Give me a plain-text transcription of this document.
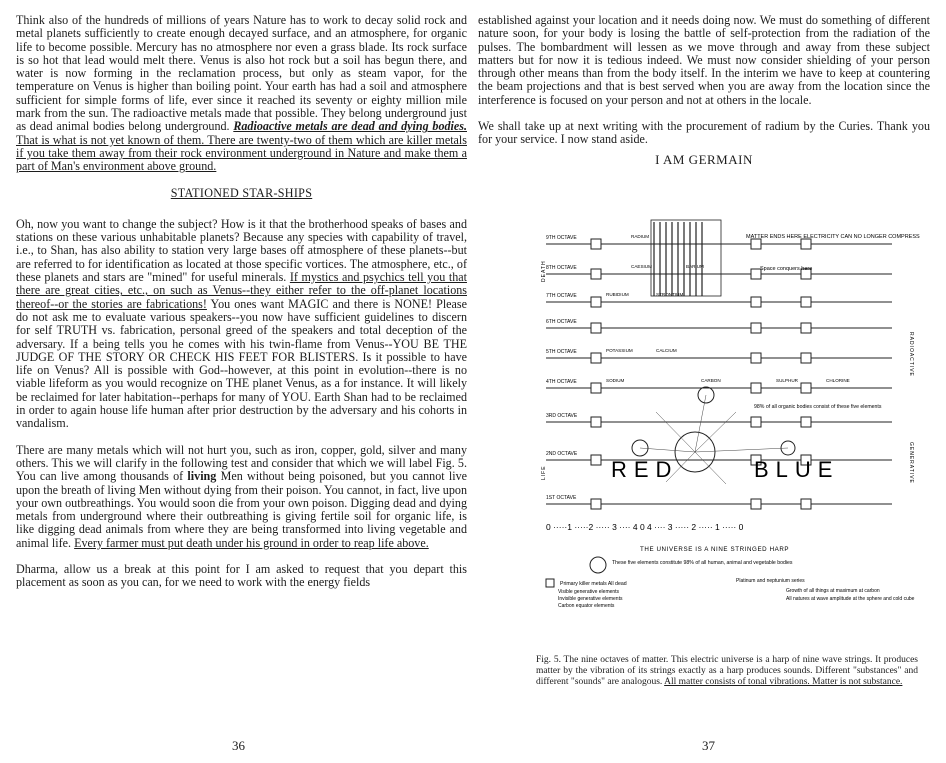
Think also of the hundreds of millions of years Nature has to work to decay solid rock and metal planets sufficiently to create enough decayed surface, and an atmosphere, for organic life to become possible. Mercury has no atmosphere nor even a grass blade. Its rock surface is so hot that lead would melt there. Venus is also hot rock but a soil has begun there, and water is now forming in the reclamation process, but only as steam vapor, for the temperature on Venus is higher than boiling point. Your earth has had a soil and atmosphere sufficient for simple forms of life, ever since it reached its seventy or eighty million mile mark from the sun. The radioactive metals made that possible. They belong underground just as dead animal bodies belong underground. Radioactive metals are dead and dying bodies. That is what is not yet known of them. There are twenty-two of them which are killer metals if you take them away from their rock environment underground in Nature and make them a part of Man's environment above ground.

STATIONED STAR-SHIPS

Oh, now you want to change the subject? How is it that the brotherhood speaks of bases and stations on these various unhabitable planets? Because any species with capability of travel, i.e., to Shan, has also ability to station very large bases off atmosphere of these planets--but are referred to for identification as located at those specific vortices. The atmosphere, etc., of these planets and stars are "mined" for useful minerals. If mystics and psychics tell you that there are great cities, etc., on such as Venus--they either refer to the off-planet locations thereof--or the stories are fabrications! You ones want MAGIC and there is NONE! Please do not ask me to evaluate various speakers--you now have sufficient guidelines to discern for self TRUTH vs. fabrication, personal greed of the speakers and total deception of the adversary. If a being tells you he comes with his twin-flame from Venus--YOU BE THE JUDGE OF THE STORY OR CHECK HIS FEET FOR BLISTERS. Is it possible to have life on Venus? All is possible with God--however, at this point in evolution--there is no viable lifeform as you would recognize on THE planet Venus, as a for instance. It will likely be reclaimed for later habitation--perhaps for many of YOU. Earth Shan had to be reclaimed in order to again house life human after prior destruction by the adversary and his cohorts in vandalism.

There are many metals which will not hurt you, such as iron, copper, gold, silver and many others. This we will clarify in the following test and consider that which we will label Fig. 5. You can live among thousands of living Men without being poisoned, but you cannot live upon the breath of living Men without dying from their poison. You cannot, in fact, live upon your own outbreathings. You would soon die from your own poison. Digging dead and dying metals from underground where their outbreathing is giving fertile soil for organic life, is like digging dead animals from where they are being transformed into living vegetable and animal life. Every farmer must put death under his ground in order to reap life above.

Dharma, allow us a break at this point for I am asked to request that you depart this placement as soon as you can, for we need to work with the energy fields

36

established against your location and it needs doing now. We must do something of different nature soon, for your body is losing the battle of self-protection from the radiation of the pulses. The bombardment will lessen as we move through and away from these subject matters but for now it is tedious indeed. We must now consider shielding of your person through other means than from the body itself. In the interim we have to keep at countering the beam projections and that is best served when you are away from the location since the interference is focused on your person and not at others in the locale.

We shall take up at next writing with the procurement of radium by the Curies. Thank you for your service. I now stand aside.

I AM GERMAIN
9TH OCTAVE
8TH OCTAVE
7TH OCTAVE
6TH OCTAVE
5TH OCTAVE
4TH OCTAVE
3RD OCTAVE
2ND OCTAVE
1ST OCTAVE
RADIUM
CAESIUM	BARIUM
RUBIDIUM	STRONTIUM
POTASSIUM	CALCIUM
SODIUM	CARBON	SULPHUR	CHLORINE
MATTER ENDS HERE ELECTRICITY CAN NO LONGER COMPRESS
Space conquers here
DEATH
LIFE
RADIOACTIVE
GENERATIVE
98% of all organic bodies consist of these five elements
RED	BLUE
0 ·····1 ·····2 ····· 3 ···· 4 0 4 ···· 3 ····· 2 ····· 1 ····· 0
THE UNIVERSE IS A NINE STRINGED HARP
These five elements constitute 98% of all human, animal and vegetable bodies
Primary killer metals All dead
Visible generative elements
Invisible generative elements
Platinum and neptunium series
Growth of all things at maximum at carbon
All natures at wave amplitude at the sphere and cold cube
Carbon equator elements
Fig. 5. The nine octaves of matter. This electric universe is a harp of nine wave strings. It produces matter by the vibration of its strings exactly as a harp produces sounds. Different "substances" and different "sounds" are analogous. All matter consists of tonal vibrations. Matter is not substance.
37
